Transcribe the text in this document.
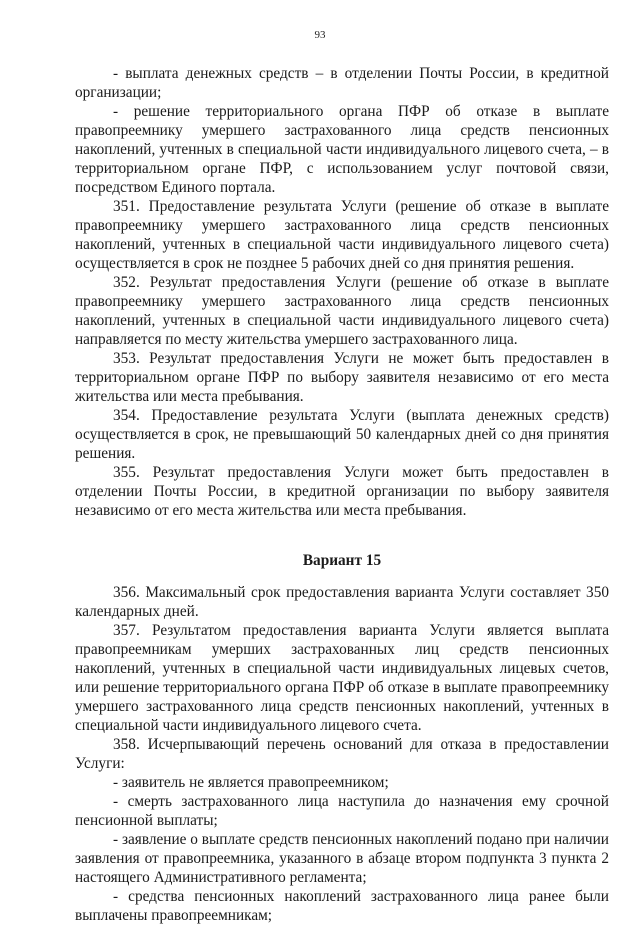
93

- выплата денежных средств – в отделении Почты России, в кредитной организации;

- решение территориального органа ПФР об отказе в выплате правопреемнику умершего застрахованного лица средств пенсионных накоплений, учтенных в специальной части индивидуального лицевого счета, – в территориальном органе ПФР, с использованием услуг почтовой связи, посредством Единого портала.

351. Предоставление результата Услуги (решение об отказе в выплате правопреемнику умершего застрахованного лица средств пенсионных накоплений, учтенных в специальной части индивидуального лицевого счета) осуществляется в срок не позднее 5 рабочих дней со дня принятия решения.

352. Результат предоставления Услуги (решение об отказе в выплате правопреемнику умершего застрахованного лица средств пенсионных накоплений, учтенных в специальной части индивидуального лицевого счета) направляется по месту жительства умершего застрахованного лица.

353. Результат предоставления Услуги не может быть предоставлен в территориальном органе ПФР по выбору заявителя независимо от его места жительства или места пребывания.

354. Предоставление результата Услуги (выплата денежных средств) осуществляется в срок, не превышающий 50 календарных дней со дня принятия решения.

355. Результат предоставления Услуги может быть предоставлен в отделении Почты России, в кредитной организации по выбору заявителя независимо от его места жительства или места пребывания.

Вариант 15

356. Максимальный срок предоставления варианта Услуги составляет 350 календарных дней.

357. Результатом предоставления варианта Услуги является выплата правопреемникам умерших застрахованных лиц средств пенсионных накоплений, учтенных в специальной части индивидуальных лицевых счетов, или решение территориального органа ПФР об отказе в выплате правопреемнику умершего застрахованного лица средств пенсионных накоплений, учтенных в специальной части индивидуального лицевого счета.

358. Исчерпывающий перечень оснований для отказа в предоставлении Услуги:

- заявитель не является правопреемником;

- смерть застрахованного лица наступила до назначения ему срочной пенсионной выплаты;

- заявление о выплате средств пенсионных накоплений подано при наличии заявления от правопреемника, указанного в абзаце втором подпункта 3 пункта 2 настоящего Административного регламента;

- средства пенсионных накоплений застрахованного лица ранее были выплачены правопреемникам;
